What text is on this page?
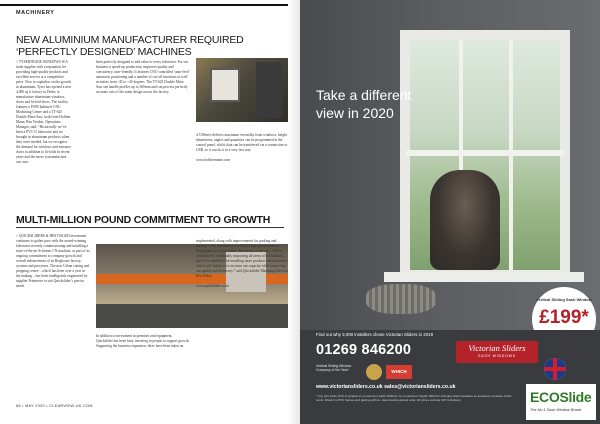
MACHINERY
NEW ALUMINIUM MANUFACTURER REQUIRED ‘PERFECTLY DESIGNED’ MACHINES

> TYSERTRADE WINDOWS IS A trade supplier with a reputation for providing high-quality products and excellent service at a competitive price. Now to capitalise on the growth in aluminium, Tyser has opened a new 4,000 sq ft factory in Derby to manufacture aluminium windows, doors and bi-fold doors. The facility features a FOM Industrie CNC Machining Centre and a TT-625 Double Mitre Saw, both from Hoffner Mann. Ben Verdon, Operations Manager, said: “Historically we’ve been a PVC-U fabricator and we brought in aluminium products when they were needed, but we recognise the demand for windows and entrance doors in addition to bi-folds in recent years and the move to manufacture our own.

been perfectly designed to add value to every fabricator. For our business it speed-up production, improves quality and consistency, user-friendly. It features CNC-controlled ‘auto-feed’ automatic positioning and a number of cut-off functions as well as mitres from -45 to +45 degrees. The TT-625 Double Mitre Saw can handle profiles up to 300mm and can process perfectly accurate cuts of the same design across the factory.

4.5 Metres delivers maximum versatility from windows, height dimensions, angles and quantities can be programmed at the control panel, whilst data can be transferred via a connection or USB, so it can do it in a very fast way.

www.hoffnermann.com

MULTI-MILLION POUND COMMITMENT TO GROWTH

> QUICKSLIDERS & HESTIAGED investment continues to gather pace with the award-winning fabricator recently commissioning and installing a state-of-the-art Schirmer CN machine, as part of its ongoing commitment to company growth and overall enhancement of its Brighouse factory, systems and processes. The new Urban cutting and prepping centre – which has been over a year in the making – has been intelligently engineered by supplier Primerose to suit Quickslider’s precise needs.

In addition to investment in premises and equipment, Quickslider has been busy investing in people to support growth. Supporting the business expansion, three have been taken on.

implemented, along with improvements for parking and loading of the installation of a RUN Employee Assistance Programme to help maintain the welfare of all staff. “We’re committed to continually improving all areas of our business, and we’re thrilled to be installing more products and machinery which will enable us to increase our capacity while improving our quality and efficiency,” said Quickslider Managing Director Ben Wales.

www.quickslider.co.uk

68 • MAY 2020 • CLEARVIEW-UK.COM
Take a different
view in 2020
Vertical Sliding Sash Window
£199*
Find out why 3,000 installers chose Victorian Sliders in 2019
01269 846200	Victorian Sliders
SASH WINDOWS
Vertical Sliding Window Company of the Year!	WHICH
www.victoriansliders.co.uk sales@victoriansliders.co.uk
* Any size white PVC-U window to a maximum width 1000mm by a maximum height 1500mm includes white hardware as standard, excludes trickle vents. Fitted in uPVC frames and glazing with A+ rated double glazed units. All prices exclude VAT & Delivery.	ECOSlide
The No.1 Sash Window Brand
